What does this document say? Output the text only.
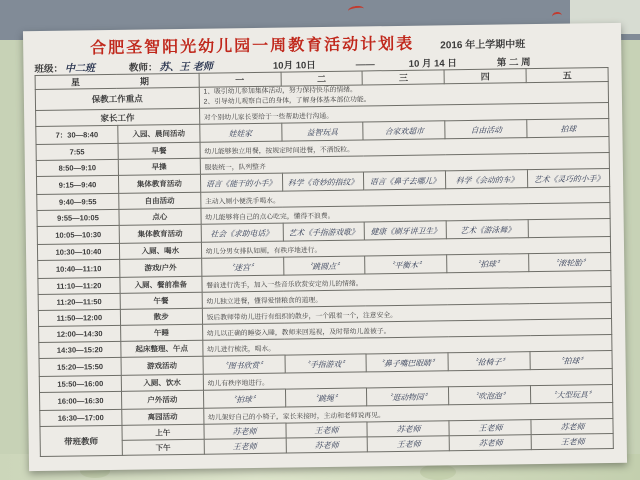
合肥圣智阳光幼儿园一周教育活动计划表	2016 年上学期中班
班级： 中二班	教师： 苏、王 老师	10月 10日	——	10 月 14 日	第 二 周
星　　期		一	二	三	四	五
保教工作重点		1、吸引幼儿参加集体活动，努力保持快乐的情绪。
2、引导幼儿观察自己的身体，了解身体基本部位功能。				

家长工作		对个别幼儿家长要给于一些帮助进行沟通。				
7：30—8:40	入园、晨间活动	娃娃家	益智玩具	合家欢超市	自由活动	拍球
7:55	早餐	幼儿能够独立用餐，按规定时间进餐，不洒饭粒。				
8:50—9:10	早操	服装统一，队列整齐				
9:15—9:40	集体教育活动	语言《能干的小手》	科学《奇妙的指纹》	语言《鼻子去哪儿》	科学《会动的车》	艺术《灵巧的小手》
9:40—9:55	自由活动	主动入厕小便洗手喝水。				
9:55—10:05	点心	幼儿能够将自己的点心吃完，懂得不浪费。				
10:05—10:30	集体教育活动	社会《求助电话》	艺术《手指游戏歌》	健康《刷牙讲卫生》	艺术《游泳舞》	
10:30—10:40	入厕、喝水	幼儿分男女排队如厕，有秩序地进行。				
10:40—11:10	游戏/户外	〝迷宫〞	〝跳圆点〞	〝平衡木〞	〝拍球〞	〝滚轮胎〞
11:10—11:20	入厕、餐前准备	餐前进行洗手，加入一些音乐欣赏安定幼儿的情绪。				
11:20—11:50	午餐	幼儿独立进餐，懂得爱惜粮食的道理。				
11:50—12:00	散步	饭后教师带幼儿进行有组织的散步，一个跟着一个，注意安全。				
12:00—14:30	午睡	幼儿以正确的睡姿入睡，教师来回巡视，及时帮幼儿盖被子。				
14:30—15:20	起床整理、午点	幼儿进行梳洗，喝水。				
15:20—15:50	游戏活动	〝图书欣赏〞	〝手指游戏〞	〝鼻子嘴巴眼睛〞	〝抢椅子〞	〝拍球〞
15:50—16:00	入厕、饮水	幼儿有秩序地进行。				
16:00—16:30	户外活动	〝拍球〞	〝跳绳〞	〝逛动物园〞	〝吹泡泡〞	〝大型玩具〞
16:30—17:00	离园活动	幼儿架好自己的小椅子，家长来接时，主动和老师说再见。				
带班教师	上午	苏老师	王老师	苏老师	王老师	苏老师
	下午	王老师	苏老师	王老师	苏老师	王老师
